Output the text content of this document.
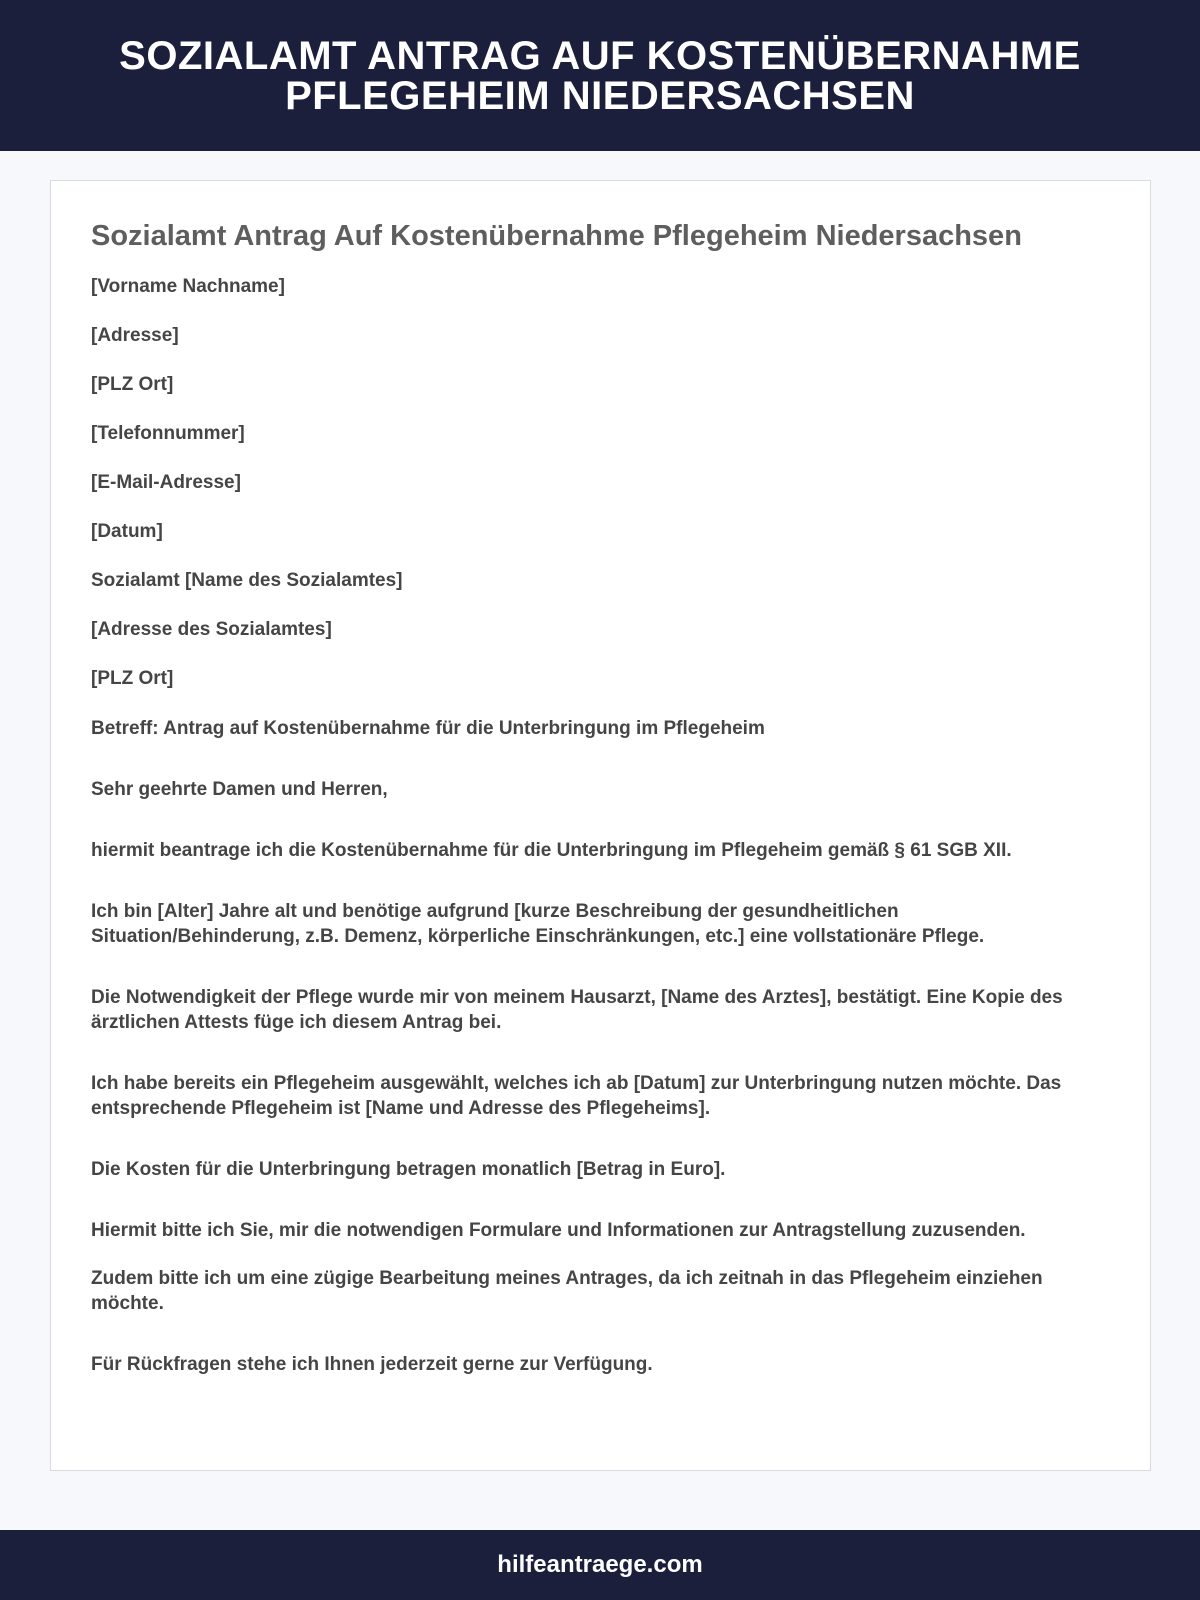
SOZIALAMT ANTRAG AUF KOSTENÜBERNAHME PFLEGEHEIM NIEDERSACHSEN
Sozialamt Antrag Auf Kostenübernahme Pflegeheim Niedersachsen

[Vorname Nachname]

[Adresse]

[PLZ Ort]

[Telefonnummer]

[E-Mail-Adresse]

[Datum]

Sozialamt [Name des Sozialamtes]

[Adresse des Sozialamtes]

[PLZ Ort]

Betreff: Antrag auf Kostenübernahme für die Unterbringung im Pflegeheim

Sehr geehrte Damen und Herren,

hiermit beantrage ich die Kostenübernahme für die Unterbringung im Pflegeheim gemäß § 61 SGB XII.

Ich bin [Alter] Jahre alt und benötige aufgrund [kurze Beschreibung der gesundheitlichen Situation/Behinderung, z.B. Demenz, körperliche Einschränkungen, etc.] eine vollstationäre Pflege.

Die Notwendigkeit der Pflege wurde mir von meinem Hausarzt, [Name des Arztes], bestätigt. Eine Kopie des ärztlichen Attests füge ich diesem Antrag bei.

Ich habe bereits ein Pflegeheim ausgewählt, welches ich ab [Datum] zur Unterbringung nutzen möchte. Das entsprechende Pflegeheim ist [Name und Adresse des Pflegeheims].

Die Kosten für die Unterbringung betragen monatlich [Betrag in Euro].

Hiermit bitte ich Sie, mir die notwendigen Formulare und Informationen zur Antragstellung zuzusenden.

Zudem bitte ich um eine zügige Bearbeitung meines Antrages, da ich zeitnah in das Pflegeheim einziehen möchte.

Für Rückfragen stehe ich Ihnen jederzeit gerne zur Verfügung.

hilfeantraege.com
